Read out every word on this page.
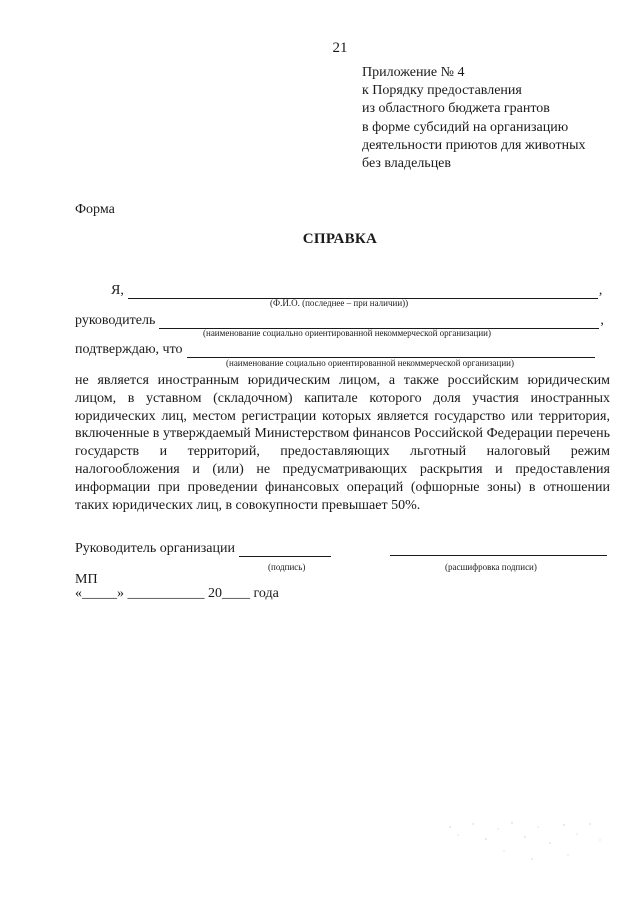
21
Приложение № 4
к Порядку предоставления
из областного бюджета грантов
в форме субсидий на организацию
деятельности приютов для животных
без владельцев
Форма
СПРАВКА
Я,	,
(Ф.И.О. (последнее – при наличии))
руководитель	,
(наименование социально ориентированной некоммерческой организации)
подтверждаю, что
(наименование социально ориентированной некоммерческой организации)
не является иностранным юридическим лицом, а также российским юридическим лицом, в уставном (складочном) капитале которого доля участия иностранных юридических лиц, местом регистрации которых является государство или территория, включенные в утверждаемый Министерством финансов Российской Федерации перечень государств и территорий, предоставляющих льготный налоговый режим налогообложения и (или) не предусматривающих раскрытия и предоставления информации при проведении финансовых операций (офшорные зоны) в отношении таких юридических лиц, в совокупности превышает 50%.
Руководитель организации
(подпись)	(расшифровка подписи)
МП
«_____» ___________ 20____ года
